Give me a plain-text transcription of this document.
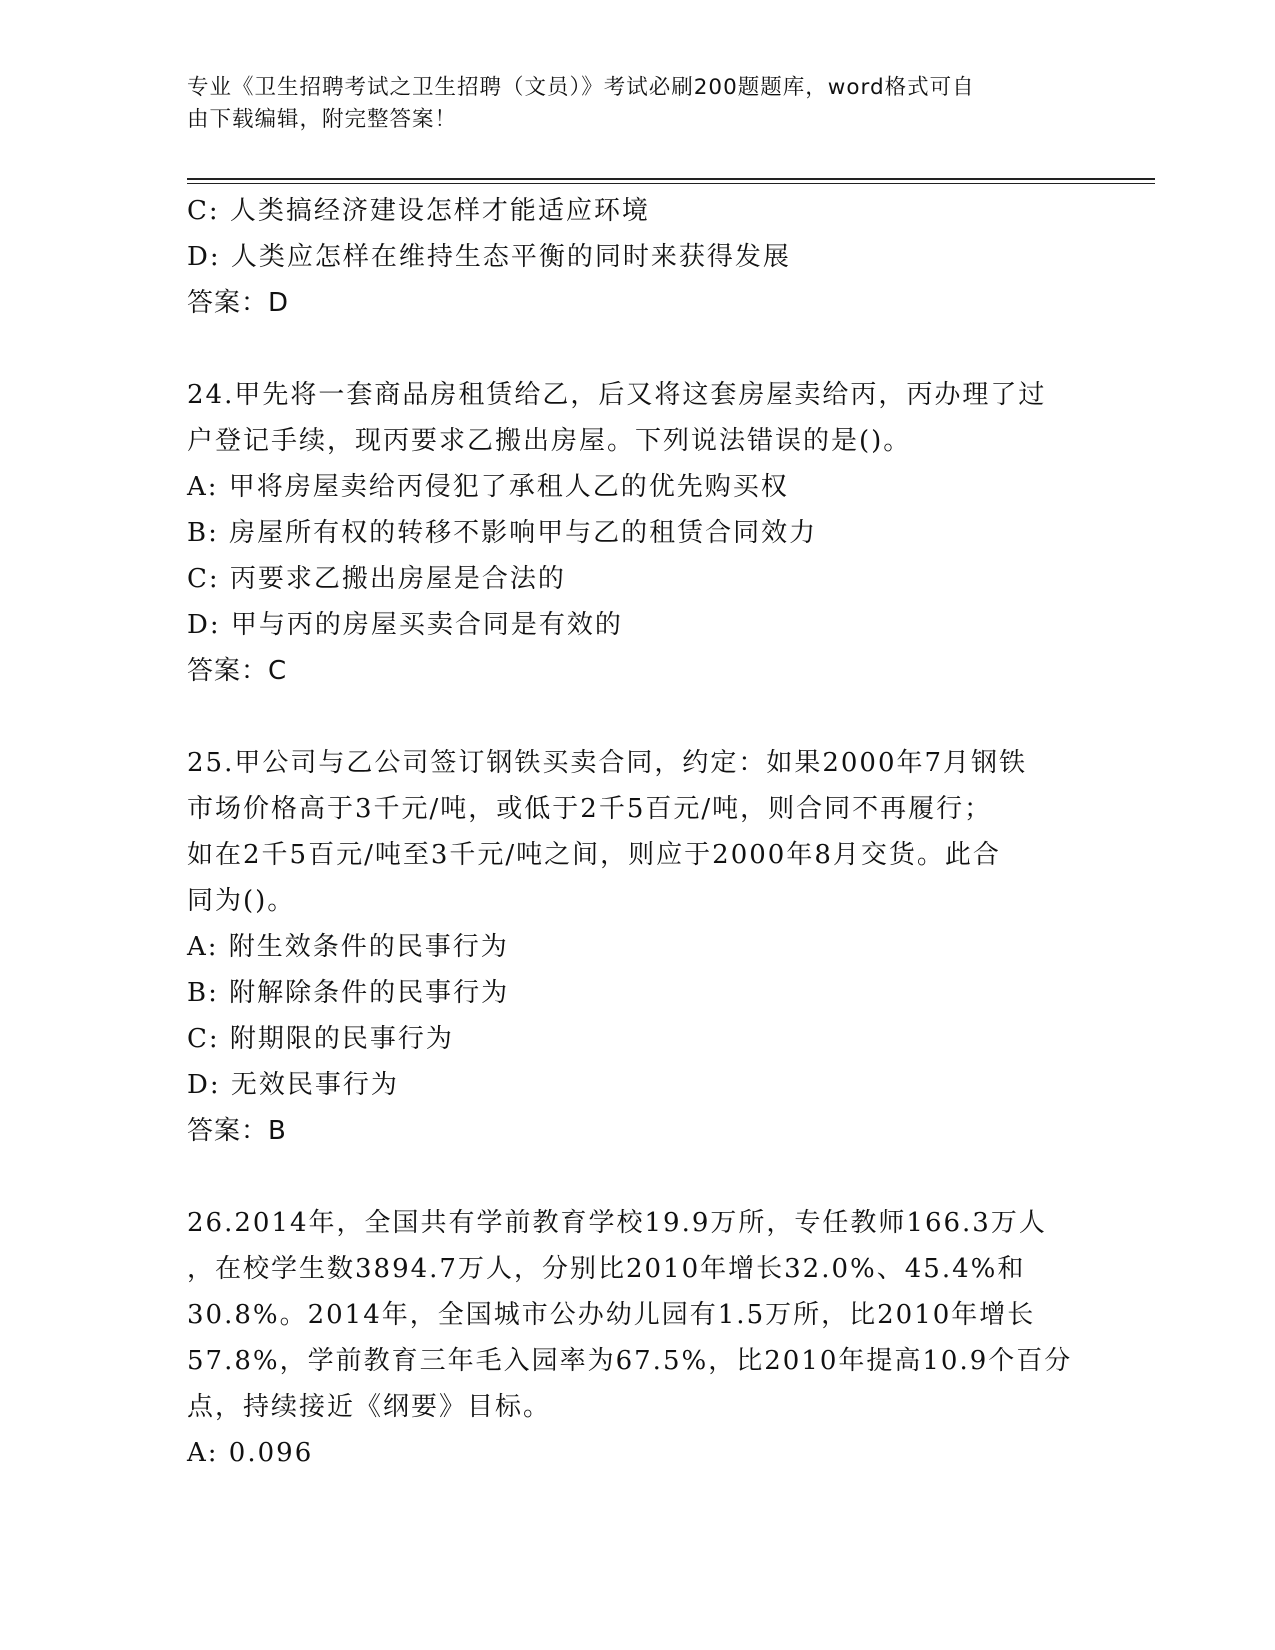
专业《卫生招聘考试之卫生招聘（文员）》考试必刷200题题库，word格式可自
由下载编辑，附完整答案！
C: 人类搞经济建设怎样才能适应环境
D: 人类应怎样在维持生态平衡的同时来获得发展
答案：D
24.甲先将一套商品房租赁给乙，后又将这套房屋卖给丙，丙办理了过
户登记手续，现丙要求乙搬出房屋。下列说法错误的是()。
A: 甲将房屋卖给丙侵犯了承租人乙的优先购买权
B: 房屋所有权的转移不影响甲与乙的租赁合同效力
C: 丙要求乙搬出房屋是合法的
D: 甲与丙的房屋买卖合同是有效的
答案：C
25.甲公司与乙公司签订钢铁买卖合同，约定：如果2000年7月钢铁
市场价格高于3千元/吨，或低于2千5百元/吨，则合同不再履行；
如在2千5百元/吨至3千元/吨之间，则应于2000年8月交货。此合
同为()。
A: 附生效条件的民事行为
B: 附解除条件的民事行为
C: 附期限的民事行为
D: 无效民事行为
答案：B
26.2014年，全国共有学前教育学校19.9万所，专任教师166.3万人
，在校学生数3894.7万人，分别比2010年增长32.0%、45.4%和
30.8%。2014年，全国城市公办幼儿园有1.5万所，比2010年增长
57.8%，学前教育三年毛入园率为67.5%，比2010年提高10.9个百分
点，持续接近《纲要》目标。
A: 0.096
